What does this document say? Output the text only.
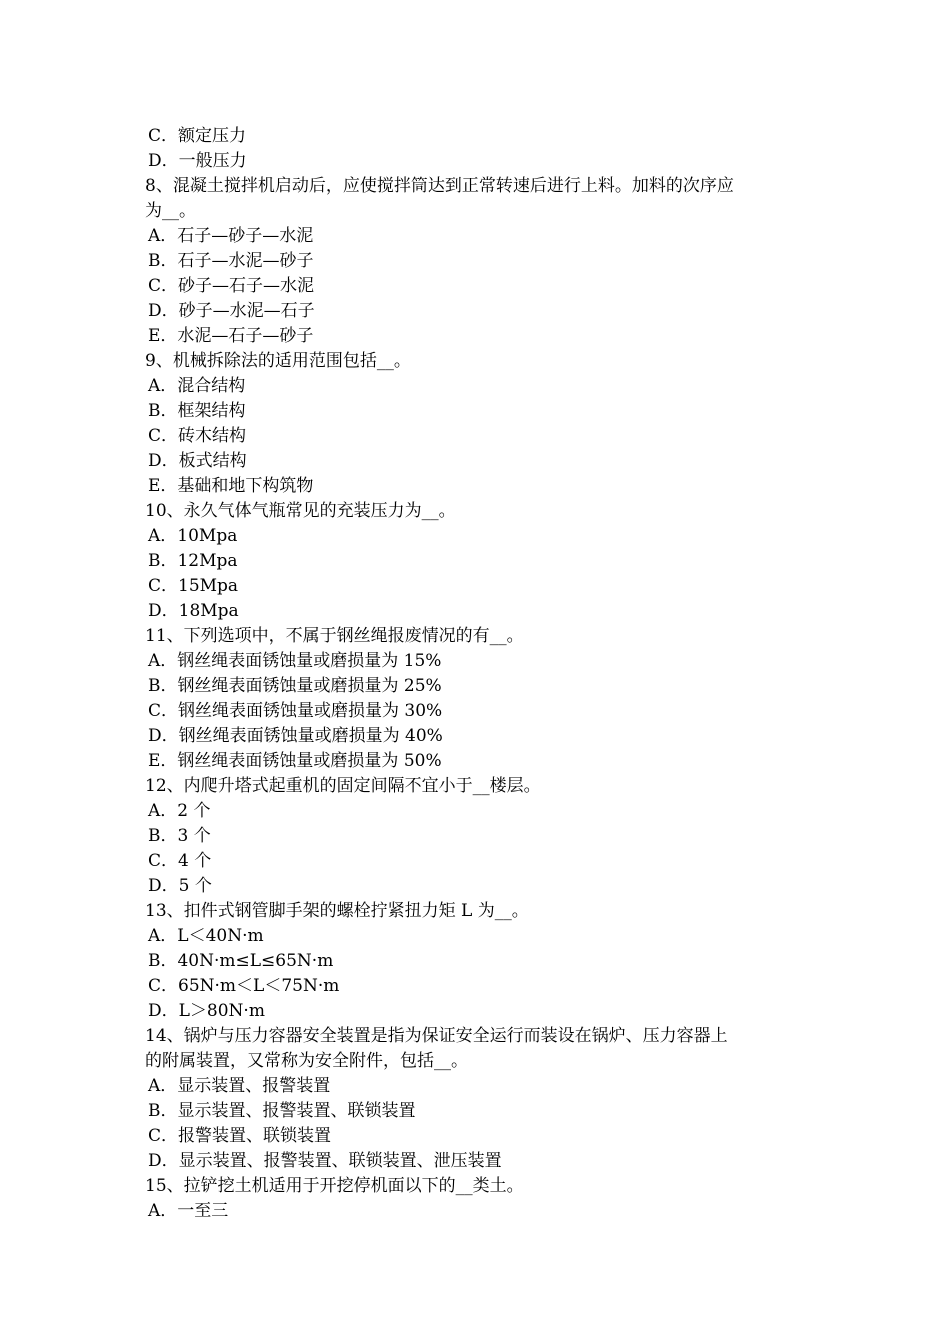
C．额定压力
D．一般压力
8、混凝土搅拌机启动后，应使搅拌筒达到正常转速后进行上料。加料的次序应
为__。
A．石子—砂子—水泥
B．石子—水泥—砂子
C．砂子—石子—水泥
D．砂子—水泥—石子
E．水泥—石子—砂子
9、机械拆除法的适用范围包括__。
A．混合结构
B．框架结构
C．砖木结构
D．板式结构
E．基础和地下构筑物
10、永久气体气瓶常见的充装压力为__。
A．10Mpa
B．12Mpa
C．15Mpa
D．18Mpa
11、下列选项中，不属于钢丝绳报废情况的有__。
A．钢丝绳表面锈蚀量或磨损量为 15%
B．钢丝绳表面锈蚀量或磨损量为 25%
C．钢丝绳表面锈蚀量或磨损量为 30%
D．钢丝绳表面锈蚀量或磨损量为 40%
E．钢丝绳表面锈蚀量或磨损量为 50%
12、内爬升塔式起重机的固定间隔不宜小于__楼层。
A．2 个
B．3 个
C．4 个
D．5 个
13、扣件式钢管脚手架的螺栓拧紧扭力矩 L 为__。
A．L＜40N·m
B．40N·m≤L≤65N·m
C．65N·m＜L＜75N·m
D．L＞80N·m
14、锅炉与压力容器安全装置是指为保证安全运行而装设在锅炉、压力容器上
的附属装置，又常称为安全附件，包括__。
A．显示装置、报警装置
B．显示装置、报警装置、联锁装置
C．报警装置、联锁装置
D．显示装置、报警装置、联锁装置、泄压装置
15、拉铲挖土机适用于开挖停机面以下的__类土。
A．一至三
